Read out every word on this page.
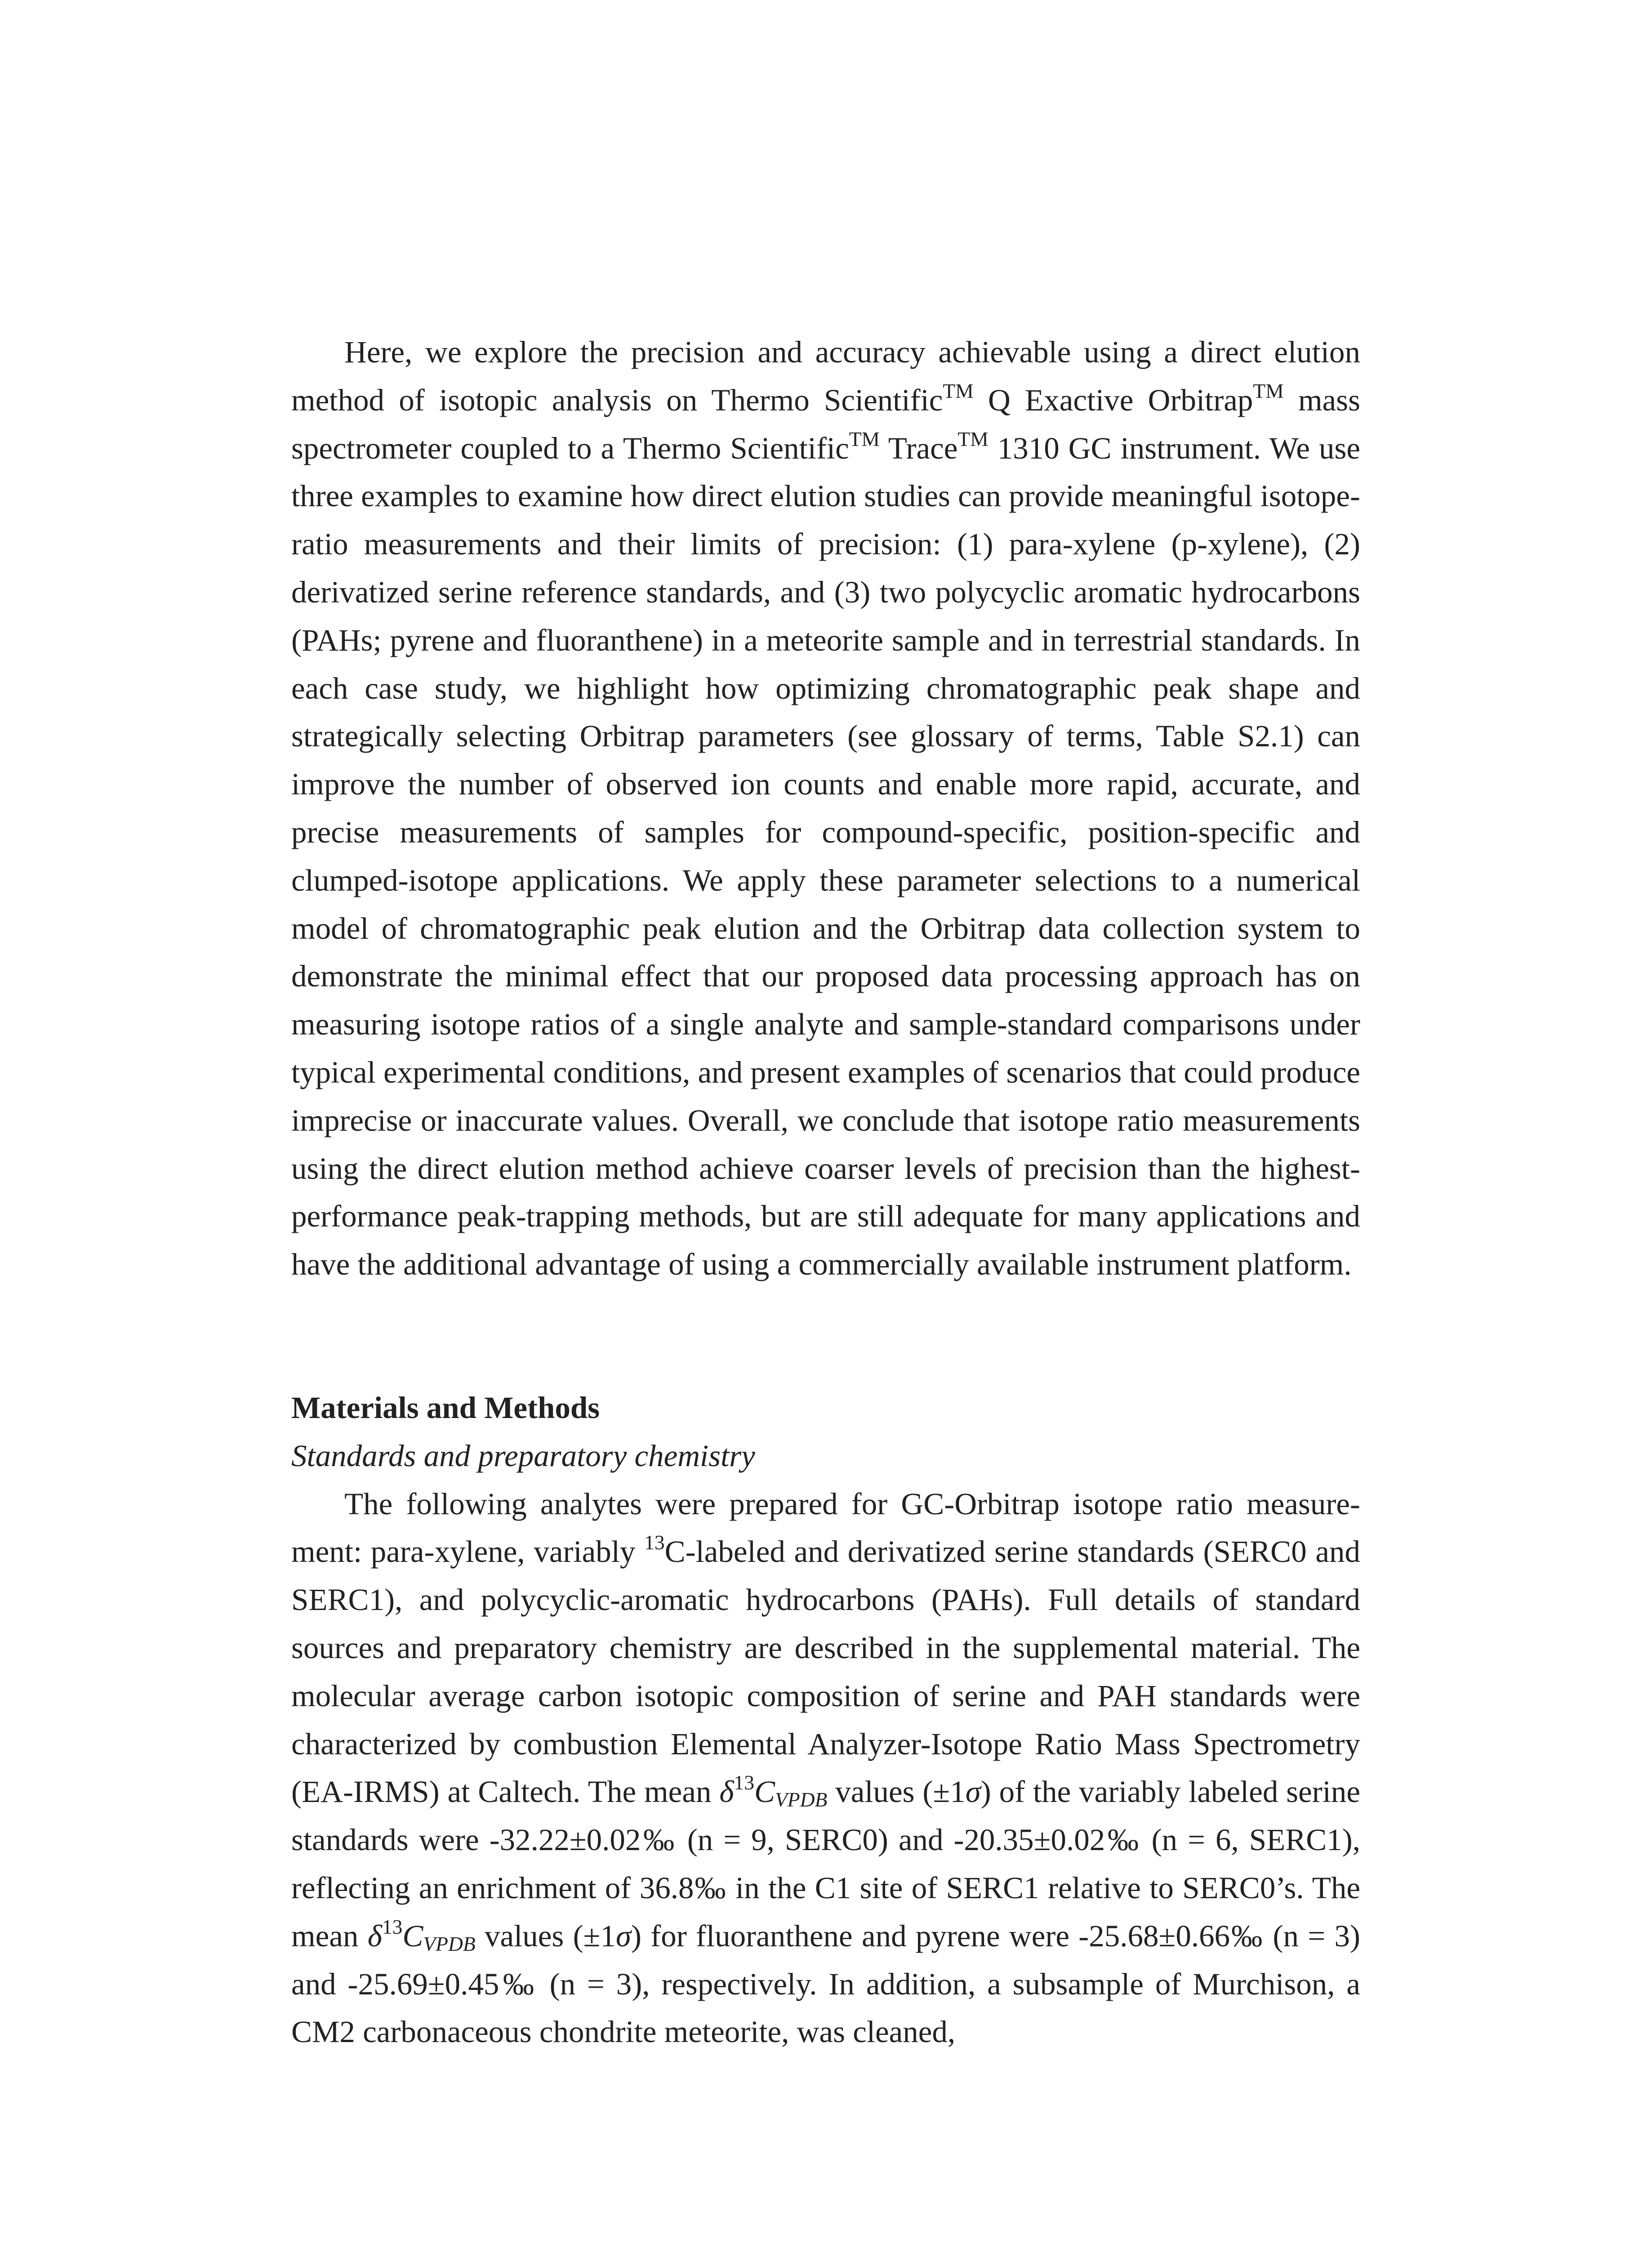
Here, we explore the precision and accuracy achievable using a direct elution method of isotopic analysis on Thermo Scientific™ Q Exactive Orbitrap™ mass spectrometer coupled to a Thermo Scientific™ Trace™ 1310 GC instrument. We use three examples to examine how direct elution studies can provide meaningful isotope-ratio measurements and their limits of precision: (1) para-xylene (p-xylene), (2) derivatized serine reference standards, and (3) two polycyclic aromatic hydrocarbons (PAHs; pyrene and fluoranthene) in a meteorite sample and in terrestrial standards. In each case study, we highlight how optimizing chromatographic peak shape and strategically selecting Orbitrap parameters (see glossary of terms, Table S2.1) can improve the number of observed ion counts and enable more rapid, accurate, and precise measurements of samples for compound-specific, position-specific and clumped-isotope applications. We apply these parameter selections to a numerical model of chromatographic peak elution and the Orbitrap data collection system to demonstrate the minimal effect that our proposed data processing approach has on measuring isotope ratios of a single analyte and sample-standard comparisons under typical experimental conditions, and present examples of scenarios that could produce imprecise or inaccurate values. Overall, we conclude that isotope ratio measurements using the direct elution method achieve coarser levels of precision than the highest-performance peak-trapping methods, but are still adequate for many applications and have the additional advantage of using a commercially available instrument platform.

Materials and Methods
Standards and preparatory chemistry

The following analytes were prepared for GC-Orbitrap isotope ratio measurement: para-xylene, variably $^{13}$C-labeled and derivatized serine standards (SERC0 and SERC1), and polycyclic-aromatic hydrocarbons (PAHs). Full details of standard sources and preparatory chemistry are described in the supplemental material. The molecular average carbon isotopic composition of serine and PAH standards were characterized by combustion Elemental Analyzer-Isotope Ratio Mass Spectrometry (EA-IRMS) at Caltech. The mean $\delta^{13}C_{VPDB}$ values (±1σ) of the variably labeled serine standards were -32.22±0.02‰ (n = 9, SERC0) and -20.35±0.02‰ (n = 6, SERC1), reflecting an enrichment of 36.8‰ in the C1 site of SERC1 relative to SERC0’s. The mean $\delta^{13}C_{VPDB}$ values (±1σ) for fluoranthene and pyrene were -25.68±0.66‰ (n = 3) and -25.69±0.45‰ (n = 3), respectively. In addition, a subsample of Murchison, a CM2 carbonaceous chondrite meteorite, was cleaned,
